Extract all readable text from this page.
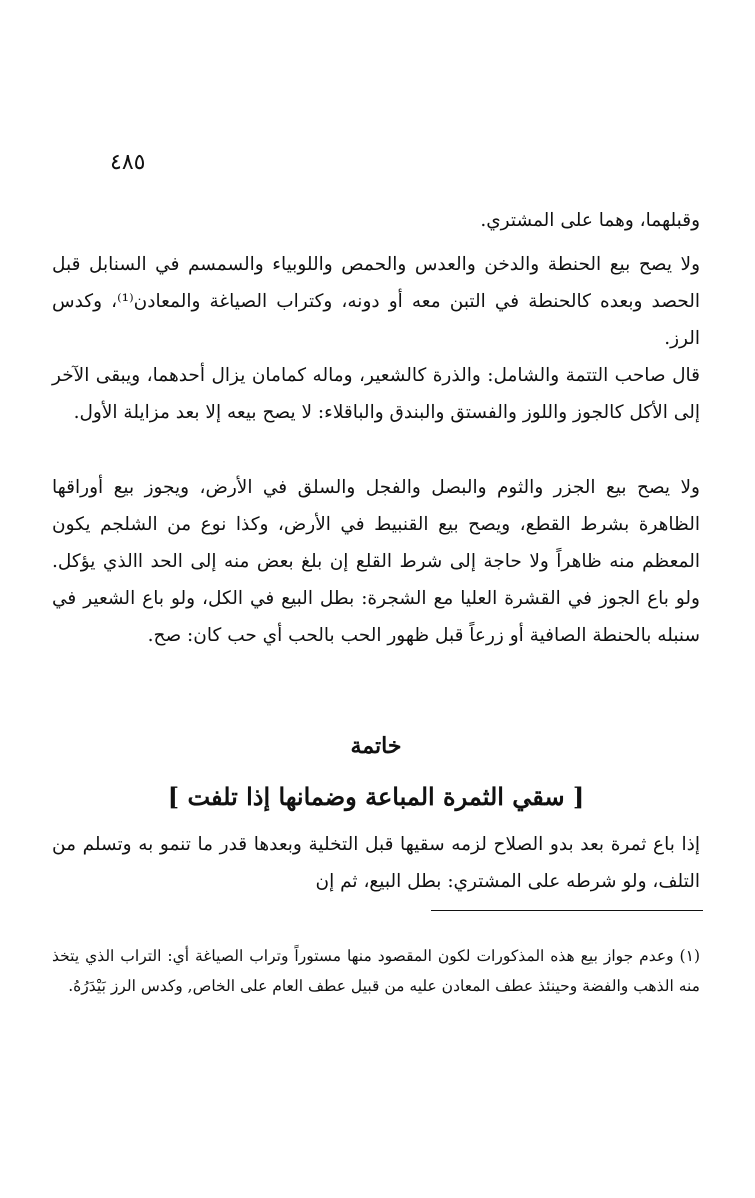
٤٨٥

وقبلهما، وهما على المشتري.

ولا يصح بيع الحنطة والدخن والعدس والحمص واللوبياء والسمسم في السنابل قبل الحصد وبعده كالحنطة في التبن معه أو دونه، وكتراب الصياغة والمعادن⁽¹⁾، وكدس الرز.

قال صاحب التتمة والشامل: والذرة كالشعير، وماله كمامان يزال أحدهما، ويبقى الآخر إلى الأكل كالجوز واللوز والفستق والبندق والباقلاء: لا يصح بيعه إلا بعد مزايلة الأول.

ولا يصح بيع الجزر والثوم والبصل والفجل والسلق في الأرض، ويجوز بيع أوراقها الظاهرة بشرط القطع، ويصح بيع القنبيط في الأرض، وكذا نوع من الشلجم يكون المعظم منه ظاهراً ولا حاجة إلى شرط القلع إن بلغ بعض منه إلى الحد االذي يؤكل. ولو باع الجوز في القشرة العليا مع الشجرة: بطل البيع في الكل، ولو باع الشعير في سنبله بالحنطة الصافية أو زرعاً قبل ظهور الحب بالحب أي حب كان: صح.

خاتمة
[ سقي الثمرة المباعة وضمانها إذا تلفت ]

إذا باع ثمرة بعد بدو الصلاح لزمه سقيها قبل التخلية وبعدها قدر ما تنمو به وتسلم من التلف، ولو شرطه على المشتري: بطل البيع، ثم إن

(١) وعدم جواز بيع هذه المذكورات لكون المقصود منها مستوراً وتراب الصياغة أي: التراب الذي يتخذ منه الذهب والفضة وحينئذ عطف المعادن عليه من قبيل عطف العام على الخاص, وكدس الرز بَيْدَرُهُ.
